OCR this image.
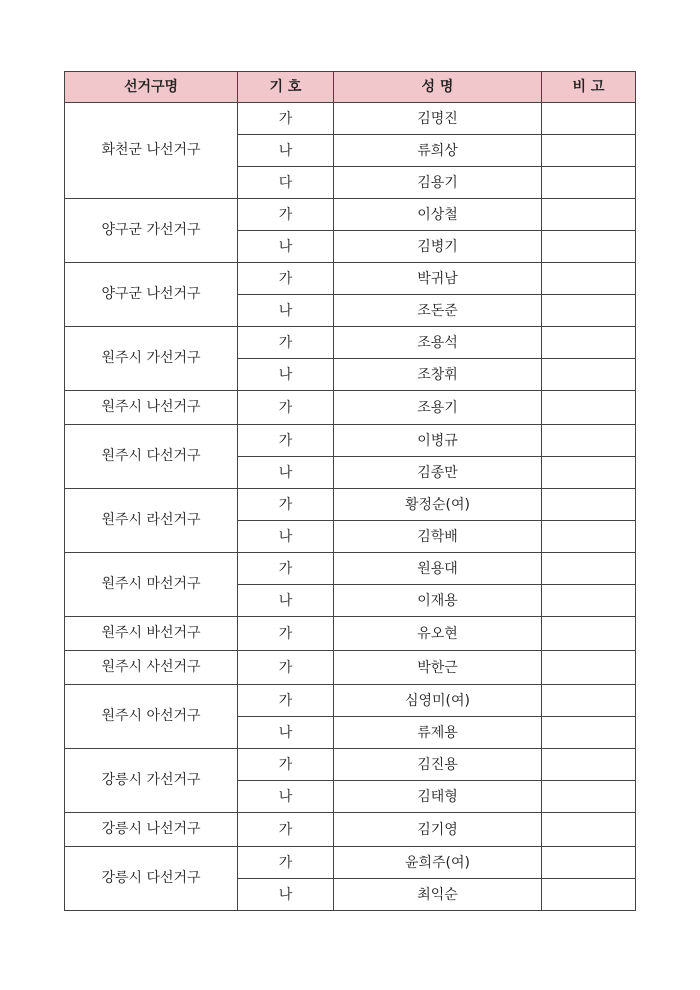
선거구명	기 호	성 명	비 고
화천군 나선거구	가	김명진	
	나	류희상	
	다	김용기	
양구군 가선거구	가	이상철	
	나	김병기	
양구군 나선거구	가	박귀남	
	나	조돈준	
원주시 가선거구	가	조용석	
	나	조창휘	
원주시 나선거구	가	조용기	
원주시 다선거구	가	이병규	
	나	김종만	
원주시 라선거구	가	황정순(여)	
	나	김학배	
원주시 마선거구	가	원용대	
	나	이재용	
원주시 바선거구	가	유오현	
원주시 사선거구	가	박한근	
원주시 아선거구	가	심영미(여)	
	나	류제용	
강릉시 가선거구	가	김진용	
	나	김태형	
강릉시 나선거구	가	김기영	
강릉시 다선거구	가	윤희주(여)	
	나	최익순	
